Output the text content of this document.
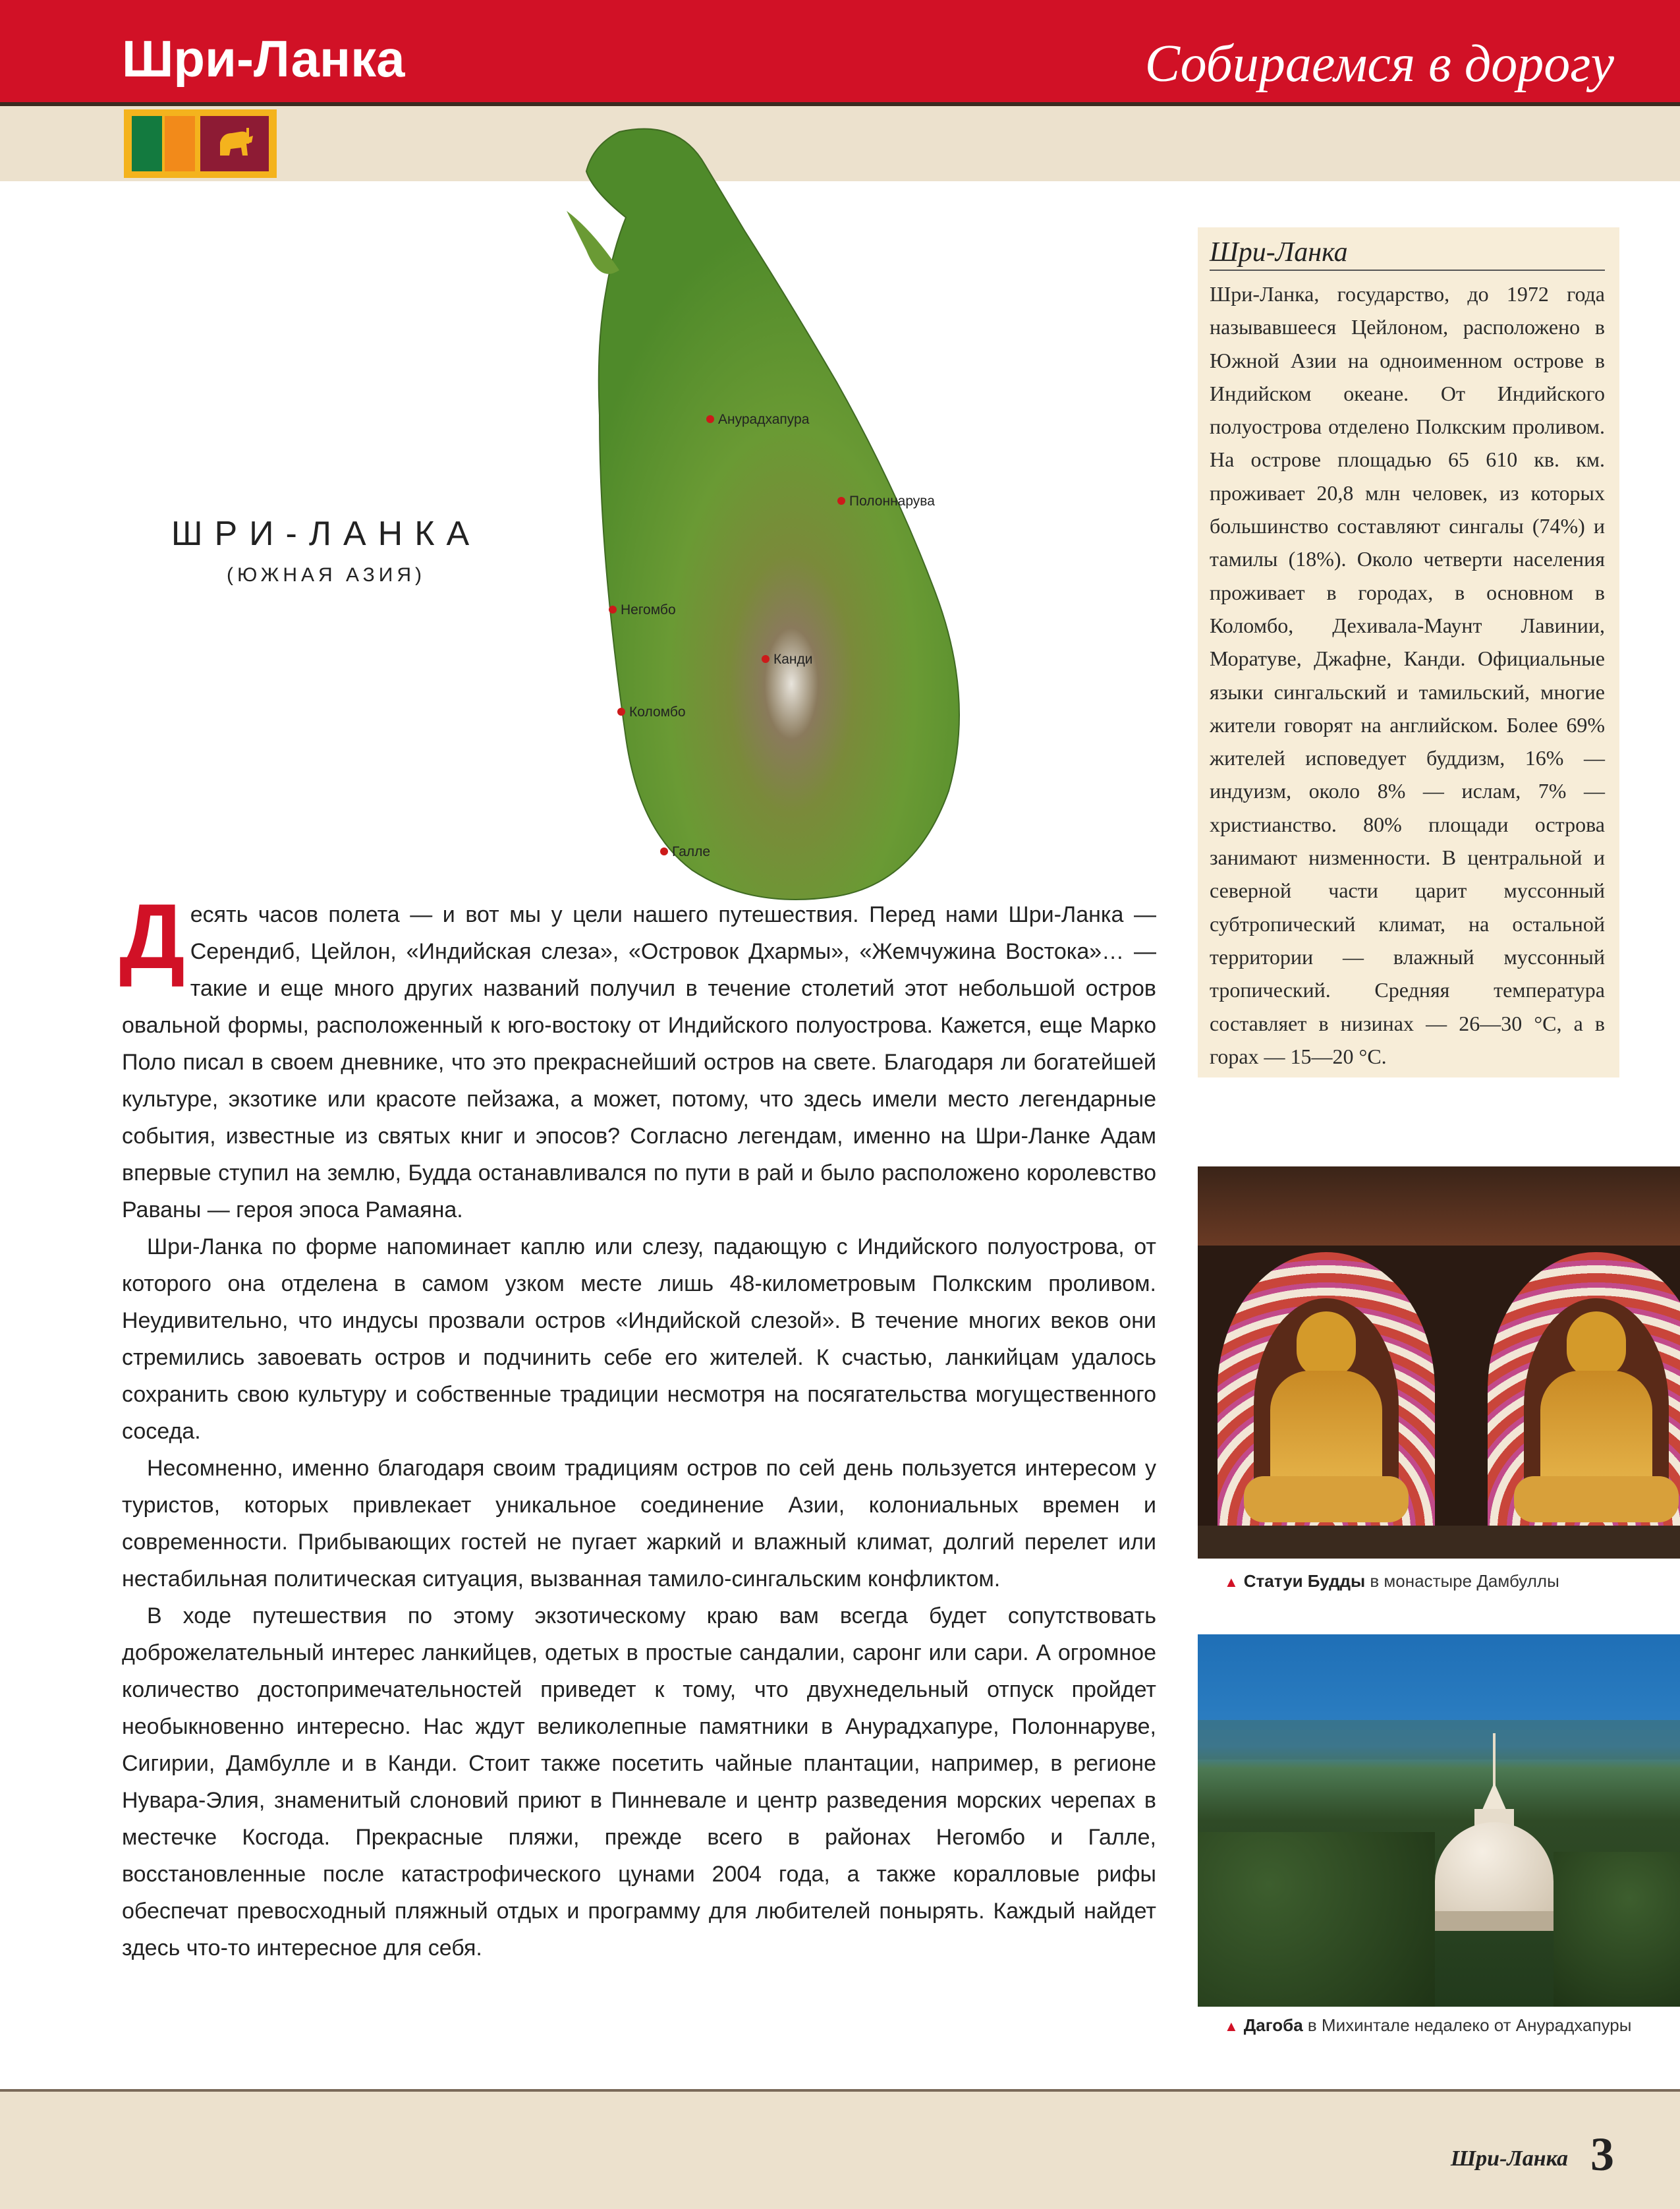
Шри-Ланка	Собираемся в дорогу
Анурадхапура
Полоннарува
Негомбо
Канди
Коломбо
Галле
ШРИ-ЛАНКА
(ЮЖНАЯ АЗИЯ)
Шри-Ланка
Шри-Ланка, государство, до 1972 года называвшееся Цейлоном, расположено в Южной Азии на одноименном острове в Индийском океане. От Индийского полуострова отделено Полкским проливом. На острове площадью 65 610 кв. км. проживает 20,8 млн человек, из которых большинство составляют сингалы (74%) и тамилы (18%). Около четверти населения проживает в городах, в основном в Коломбо, Дехивала-Маунт Лавинии, Моратуве, Джафне, Канди. Официальные языки сингальский и тамильский, многие жители говорят на английском. Более 69% жителей исповедует буддизм, 16% — индуизм, около 8% — ислам, 7% — христианство. 80% площади острова занимают низменности. В центральной и северной части царит муссонный субтропический климат, на остальной территории — влажный муссонный тропический. Средняя температура составляет в низинах — 26—30 °С, а в горах — 15—20 °С.

Десять часов полета — и вот мы у цели нашего путешествия. Перед нами Шри-Ланка — Серендиб, Цейлон, «Индийская слеза», «Островок Дхармы», «Жемчужина Востока»… — такие и еще много других названий получил в течение столетий этот небольшой остров овальной формы, расположенный к юго-востоку от Индийского полуострова. Кажется, еще Марко Поло писал в своем дневнике, что это прекраснейший остров на свете. Благодаря ли богатейшей культуре, экзотике или красоте пейзажа, а может, потому, что здесь имели место легендарные события, известные из святых книг и эпосов? Согласно легендам, именно на Шри-Ланке Адам впервые ступил на землю, Будда останавливался по пути в рай и было расположено королевство Раваны — героя эпоса Рамаяна.

Шри-Ланка по форме напоминает каплю или слезу, падающую с Индийского полуострова, от которого она отделена в самом узком месте лишь 48-километровым Полкским проливом. Неудивительно, что индусы прозвали остров «Индийской слезой». В течение многих веков они стремились завоевать остров и подчинить себе его жителей. К счастью, ланкийцам удалось сохранить свою культуру и собственные традиции несмотря на посягательства могущественного соседа.

Несомненно, именно благодаря своим традициям остров по сей день пользуется интересом у туристов, которых привлекает уникальное соединение Азии, колониальных времен и современности. Прибывающих гостей не пугает жаркий и влажный климат, долгий перелет или нестабильная политическая ситуация, вызванная тамило-сингальским конфликтом.

В ходе путешествия по этому экзотическому краю вам всегда будет сопутствовать доброжелательный интерес ланкийцев, одетых в простые сандалии, саронг или сари. А огромное количество достопримечательностей приведет к тому, что двухнедельный отпуск пройдет необыкновенно интересно. Нас ждут великолепные памятники в Анурадхапуре, Полоннаруве, Сигирии, Дамбулле и в Канди. Стоит также посетить чайные плантации, например, в регионе Нувара-Элия, знаменитый слоновий приют в Пинневале и центр разведения морских черепах в местечке Косгода. Прекрасные пляжи, прежде всего в районах Негомбо и Галле, восстановленные после катастрофического цунами 2004 года, а также коралловые рифы обеспечат превосходный пляжный отдых и программу для любителей понырять. Каждый найдет здесь что-то интересное для себя.

▲ Статуи Будды в монастыре Дамбуллы
▲ Дагоба в Михинтале недалеко от Анурадхапуры
Шри-Ланка 3
